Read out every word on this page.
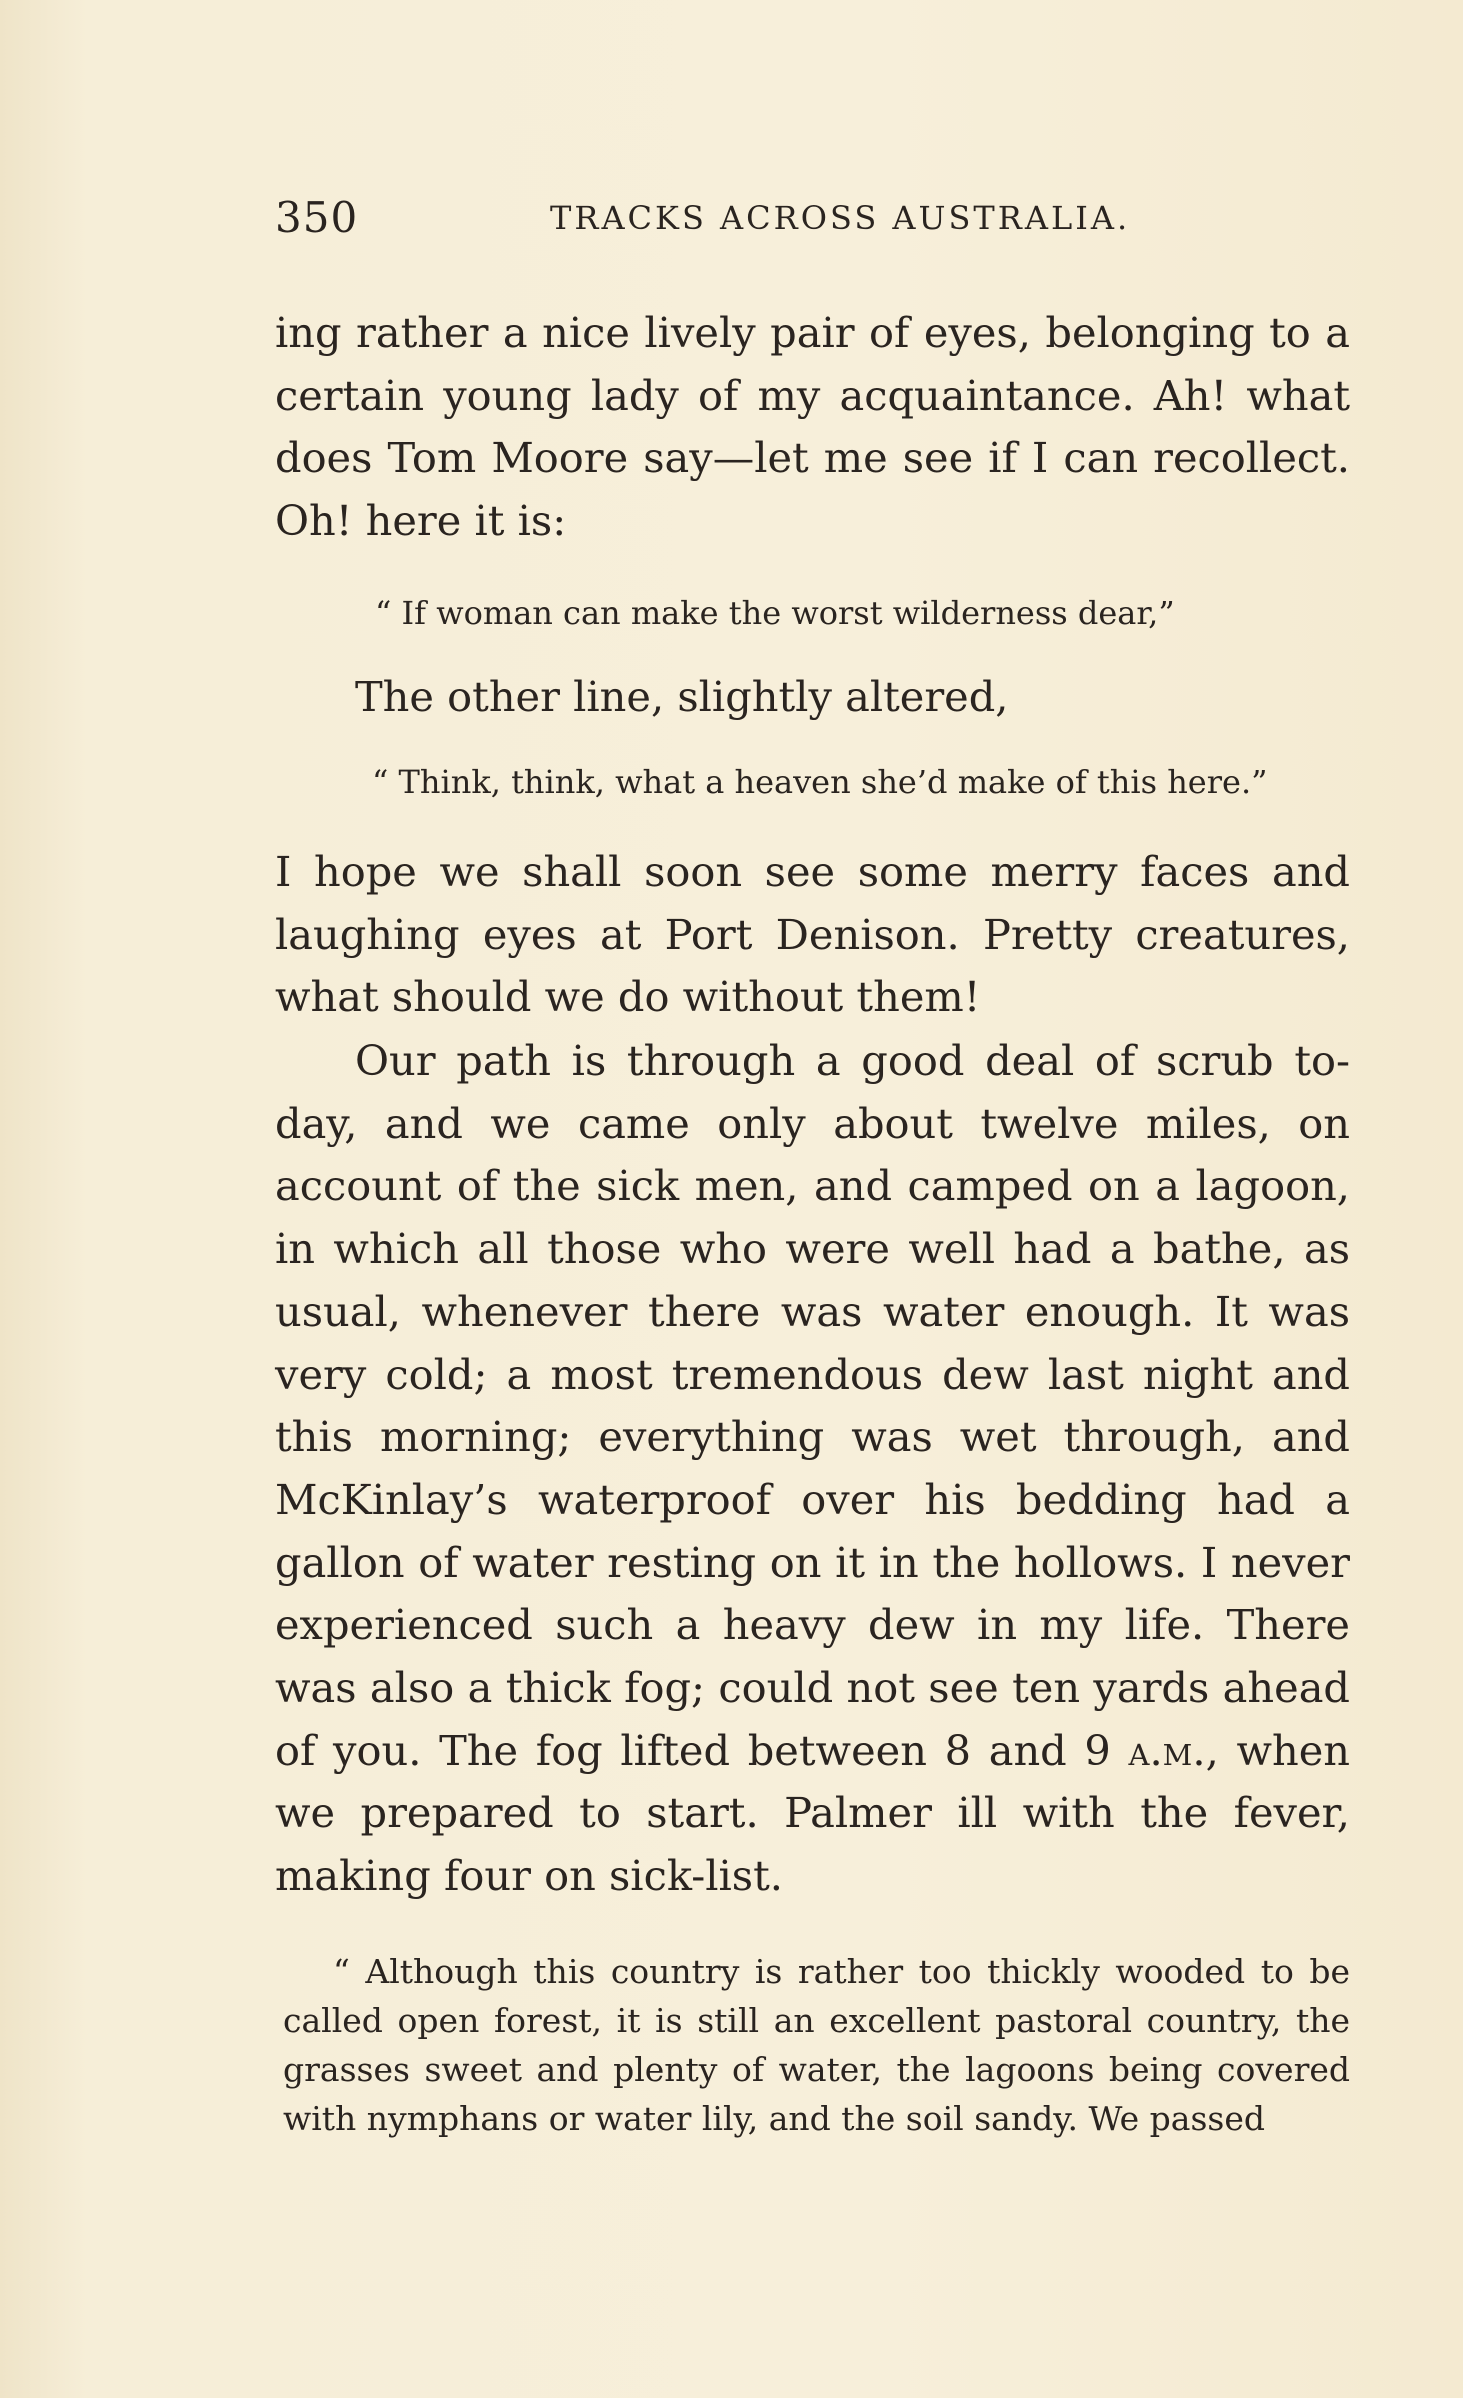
350	TRACKS ACROSS AUSTRALIA.

ing rather a nice lively pair of eyes, belonging to a certain young lady of my acquaintance. Ah! what does Tom Moore say—let me see if I can recollect. Oh! here it is:

“ If woman can make the worst wilderness dear,”
The other line, slightly altered,
“ Think, think, what a heaven she’d make of this here.”

I hope we shall soon see some merry faces and laughing eyes at Port Denison. Pretty creatures, what should we do without them!

Our path is through a good deal of scrub to-day, and we came only about twelve miles, on account of the sick men, and camped on a lagoon, in which all those who were well had a bathe, as usual, whenever there was water enough. It was very cold; a most tremendous dew last night and this morning; everything was wet through, and McKinlay’s waterproof over his bedding had a gallon of water resting on it in the hollows. I never experienced such a heavy dew in my life. There was also a thick fog; could not see ten yards ahead of you. The fog lifted between 8 and 9 a.m., when we prepared to start. Palmer ill with the fever, making four on sick-list.

“ Although this country is rather too thickly wooded to be called open forest, it is still an excellent pastoral country, the grasses sweet and plenty of water, the lagoons being covered with nymphans or water lily, and the soil sandy. We passed
